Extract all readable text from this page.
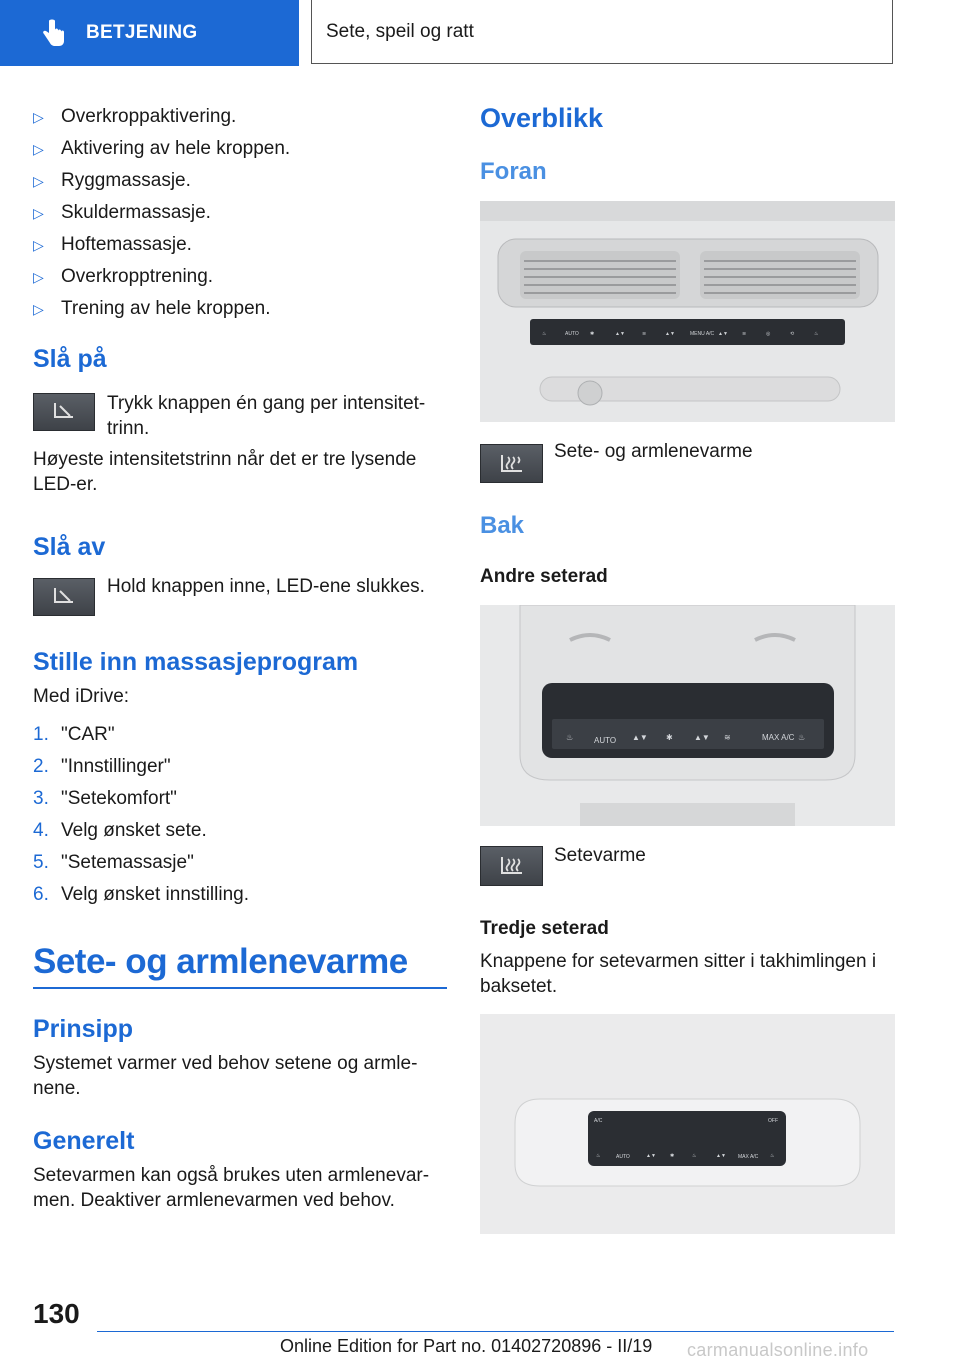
BETJENING	Sete, speil og ratt
▷ Overkroppaktivering.
▷ Aktivering av hele kroppen.
▷ Ryggmassasje.
▷ Skuldermassasje.
▷ Hoftemassasje.
▷ Overkropptrening.
▷ Trening av hele kroppen.
Slå på

Trykk knappen én gang per intensitet-trinn.

Høyeste intensitetstrinn når det er tre lysende

LED-er.

Slå av

Hold knappen inne, LED-ene slukkes.

Stille inn massasjeprogram

Med iDrive:

1. "CAR"
2. "Innstillinger"
3. "Setekomfort"
4. Velg ønsket sete.
5. "Setemassasje"
6. Velg ønsket innstilling.
Sete- og armlenevarme
Prinsipp

Systemet varmer ved behov setene og armle-

nene.

Generelt

Setevarmen kan også brukes uten armlenevar-

men. Deaktiver armlenevarmen ved behov.

Overblikk
Foran
♨	AUTO ✱	▲▼	≋	▲▼	MENU A/C ▲▼	≋	◎	⟲	♨

Sete- og armlenevarme

Bak
Andre seterad
♨	AUTO ▲▼ ✱	▲▼ ≋	MAX A/C ♨

Setevarme

Tredje seterad

Knappene for setevarmen sitter i takhimlingen i

baksetet.

A/C	OFF
♨	AUTO	▲▼	✱	♨	▲▼ MAX A/C ♨
130
Online Edition for Part no. 01402720896 - II/19 carmanualsonline.info
